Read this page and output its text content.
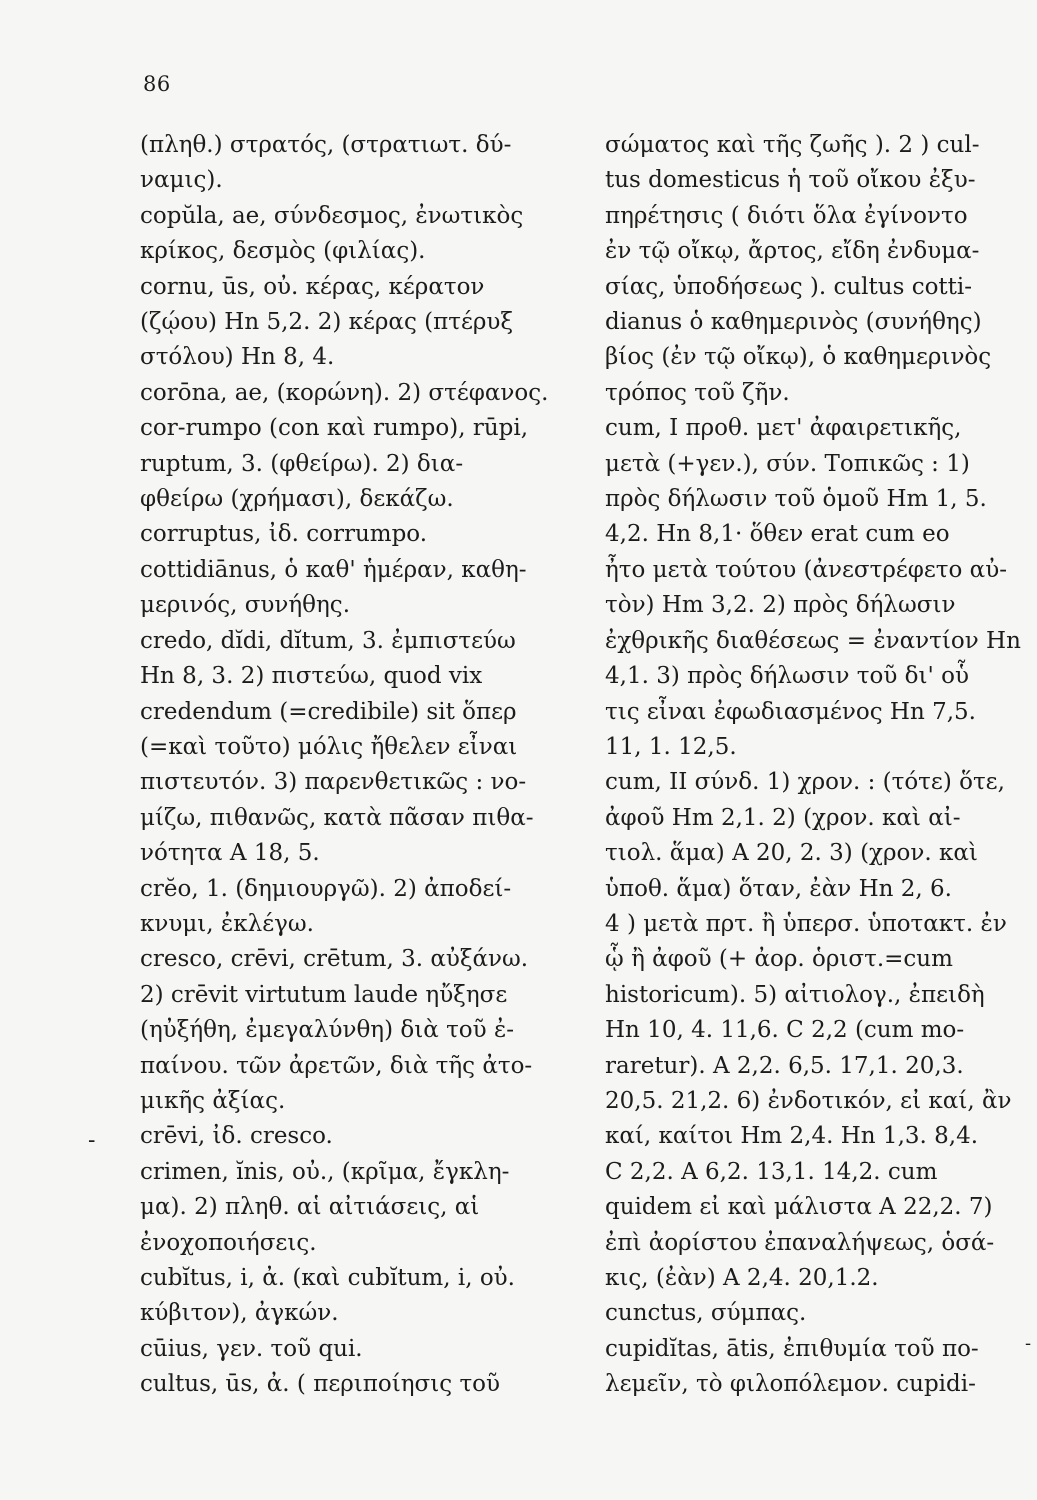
86
-
-

(πληθ.) στρατός, (στρατιωτ. δύ-
ναμις).

copŭla, ae, σύνδεσμος, ἐνωτικὸς
κρίκος, δεσμὸς (φιλίας).

cornu, ūs, οὐ. κέρας, κέρατον
(ζῴου) Hn 5,2. 2) κέρας (πτέρυξ
στόλου) Hn 8, 4.

corōna, ae, (κορώνη). 2) στέφανος.

cor-rumpo (con καὶ rumpo), rūpi,
ruptum, 3. (φθείρω). 2) δια-
φθείρω (χρήμασι), δεκάζω.

corruptus, ἰδ. corrumpo.

cottidiānus, ὁ καθ' ἡμέραν, καθη-
μερινός, συνήθης.

credo, dĭdi, dĭtum, 3. ἐμπιστεύω
Hn 8, 3. 2) πιστεύω, quod vix
credendum (=credibile) sit ὅπερ
(=καὶ τοῦτο) μόλις ἤθελεν εἶναι
πιστευτόν. 3) παρενθετικῶς : νο-
μίζω, πιθανῶς, κατὰ πᾶσαν πιθα-
νότητα A 18, 5.

crĕo, 1. (δημιουργῶ). 2) ἀποδεί-
κνυμι, ἐκλέγω.

cresco, crēvi, crētum, 3. αὐξάνω.
2) crēvit virtutum laude ηὔξησε
(ηὐξήθη, ἐμεγαλύνθη) διὰ τοῦ ἐ-
παίνου. τῶν ἀρετῶν, διὰ τῆς ἀτο-
μικῆς ἀξίας.

crēvi, ἰδ. cresco.

crimen, ĭnis, οὐ., (κρῖμα, ἔγκλη-
μα). 2) πληθ. αἱ αἰτιάσεις, αἱ
ἐνοχοποιήσεις.

cubĭtus, i, ἀ. (καὶ cubĭtum, i, οὐ.
κύβιτον), ἀγκών.

cūius, γεν. τοῦ qui.

cultus, ūs, ἀ. ( περιποίησις τοῦ

σώματος καὶ τῆς ζωῆς ). 2 ) cul-
tus domesticus ἡ τοῦ οἴκου ἐξυ-
πηρέτησις ( διότι ὅλα ἐγίνοντο
ἐν τῷ οἴκῳ, ἄρτος, εἴδη ἐνδυμα-
σίας, ὑποδήσεως ). cultus cotti-
dianus ὁ καθημερινὸς (συνήθης)
βίος (ἐν τῷ οἴκῳ), ὁ καθημερινὸς
τρόπος τοῦ ζῆν.

cum, I προθ. μετ' ἀφαιρετικῆς,
μετὰ (+γεν.), σύν. Τοπικῶς : 1)
πρὸς δήλωσιν τοῦ ὁμοῦ Hm 1, 5.
4,2. Hn 8,1· ὅθεν erat cum eo
ἦτο μετὰ τούτου (ἀνεστρέφετο αὐ-
τὸν) Hm 3,2. 2) πρὸς δήλωσιν
ἐχθρικῆς διαθέσεως = ἐναντίον Hn
4,1. 3) πρὸς δήλωσιν τοῦ δι' οὗ
τις εἶναι ἐφωδιασμένος Hn 7,5.
11, 1. 12,5.

cum, II σύνδ. 1) χρον. : (τότε) ὅτε,
ἀφοῦ Hm 2,1. 2) (χρον. καὶ αἰ-
τιολ. ἅμα) A 20, 2. 3) (χρον. καὶ
ὑποθ. ἅμα) ὅταν, ἐὰν Hn 2, 6.
4 ) μετὰ πρτ. ἢ ὑπερσ. ὑποτακτ. ἐν
ᾧ ἢ ἀφοῦ (+ ἀορ. ὁριστ.=cum
historicum). 5) αἰτιολογ., ἐπειδὴ
Hn 10, 4. 11,6. C 2,2 (cum mo-
raretur). A 2,2. 6,5. 17,1. 20,3.
20,5. 21,2. 6) ἐνδοτικόν, εἰ καί, ἂν
καί, καίτοι Hm 2,4. Hn 1,3. 8,4.
C 2,2. A 6,2. 13,1. 14,2. cum
quidem εἰ καὶ μάλιστα A 22,2. 7)
ἐπὶ ἀορίστου ἐπαναλήψεως, ὁσά-
κις, (ἐὰν) A 2,4. 20,1.2.

cunctus, σύμπας.

cupidĭtas, ātis, ἐπιθυμία τοῦ πο-
λεμεῖν, τὸ φιλοπόλεμον. cupidi-
